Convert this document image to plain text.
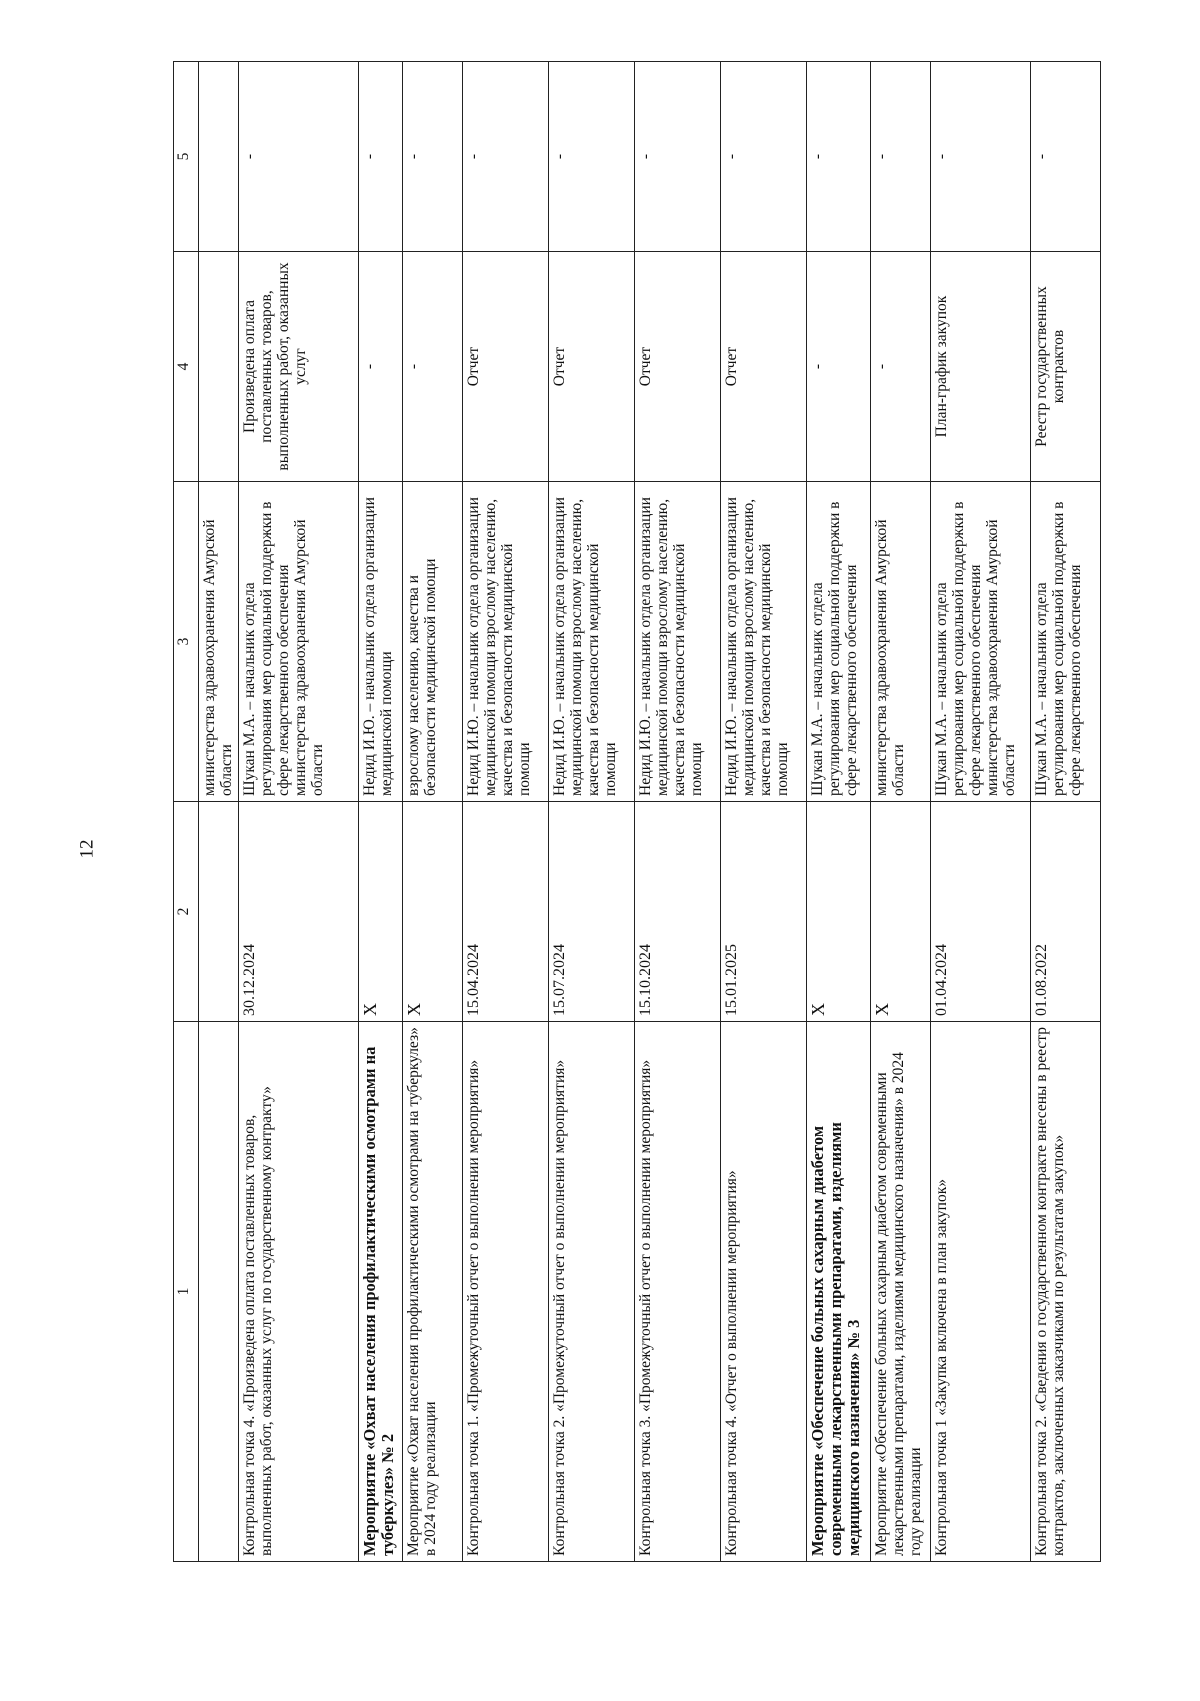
12
1	2	3	4	5
		министерства здравоохранения Амурской области		
Контрольная точка 4. «Произведена оплата поставленных товаров, выполненных работ, оказанных услуг по государственному контракту»	30.12.2024	Шукан М.А. – начальник отдела регулирования мер социальной поддержки в сфере лекарственного обеспечения министерства здравоохранения Амурской области	Произведена оплата поставленных товаров, выполненных работ, оказанных услуг	-
Мероприятие «Охват населения профилактическими осмотрами на туберкулез» № 2	X	Недид И.Ю. – начальник отдела организации медицинской помощи	-	-
Мероприятие «Охват населения профилактическими осмотрами на туберкулез» в 2024 году реализации	X	взрослому населению, качества и безопасности медицинской помощи	-	-
Контрольная точка 1. «Промежуточный отчет о выполнении мероприятия»	15.04.2024	Недид И.Ю. – начальник отдела организации медицинской помощи взрослому населению, качества и безопасности медицинской помощи	Отчет	-
Контрольная точка 2. «Промежуточный отчет о выполнении мероприятия»	15.07.2024	Недид И.Ю. – начальник отдела организации медицинской помощи взрослому населению, качества и безопасности медицинской помощи	Отчет	-
Контрольная точка 3. «Промежуточный отчет о выполнении мероприятия»	15.10.2024	Недид И.Ю. – начальник отдела организации медицинской помощи взрослому населению, качества и безопасности медицинской помощи	Отчет	-
Контрольная точка 4. «Отчет о выполнении мероприятия»	15.01.2025	Недид И.Ю. – начальник отдела организации медицинской помощи взрослому населению, качества и безопасности медицинской помощи	Отчет	-
Мероприятие «Обеспечение больных сахарным диабетом современными лекарственными препаратами, изделиями медицинского назначения» № 3	X	Шукан М.А. – начальник отдела регулирования мер социальной поддержки в сфере лекарственного обеспечения	-	-
Мероприятие «Обеспечение больных сахарным диабетом современными лекарственными препаратами, изделиями медицинского назначения» в 2024 году реализации	X	министерства здравоохранения Амурской области	-	-
Контрольная точка 1 «Закупка включена в план закупок»	01.04.2024	Шукан М.А. – начальник отдела регулирования мер социальной поддержки в сфере лекарственного обеспечения министерства здравоохранения Амурской области	План-график закупок	-
Контрольная точка 2. «Сведения о государственном контракте внесены в реестр контрактов, заключенных заказчиками по результатам закупок»	01.08.2022	Шукан М.А. – начальник отдела регулирования мер социальной поддержки в сфере лекарственного обеспечения	Реестр государственных контрактов	-
